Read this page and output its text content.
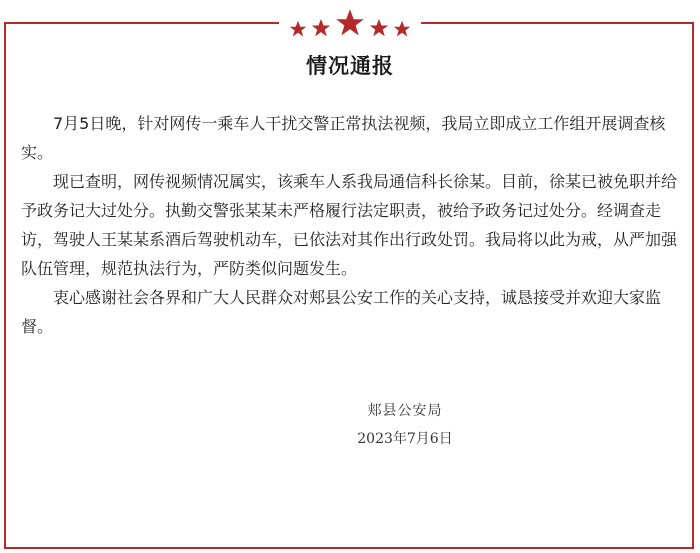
情况通报

7月5日晚，针对网传一乘车人干扰交警正常执法视频，我局立即成立工作组开展调查核实。

现已查明，网传视频情况属实，该乘车人系我局通信科长徐某。目前，徐某已被免职并给予政务记大过处分。执勤交警张某某未严格履行法定职责，被给予政务记过处分。经调查走访，驾驶人王某某系酒后驾驶机动车，已依法对其作出行政处罚。我局将以此为戒，从严加强队伍管理，规范执法行为，严防类似问题发生。

衷心感谢社会各界和广大人民群众对郏县公安工作的关心支持，诚恳接受并欢迎大家监督。

郏县公安局
2023年7月6日
